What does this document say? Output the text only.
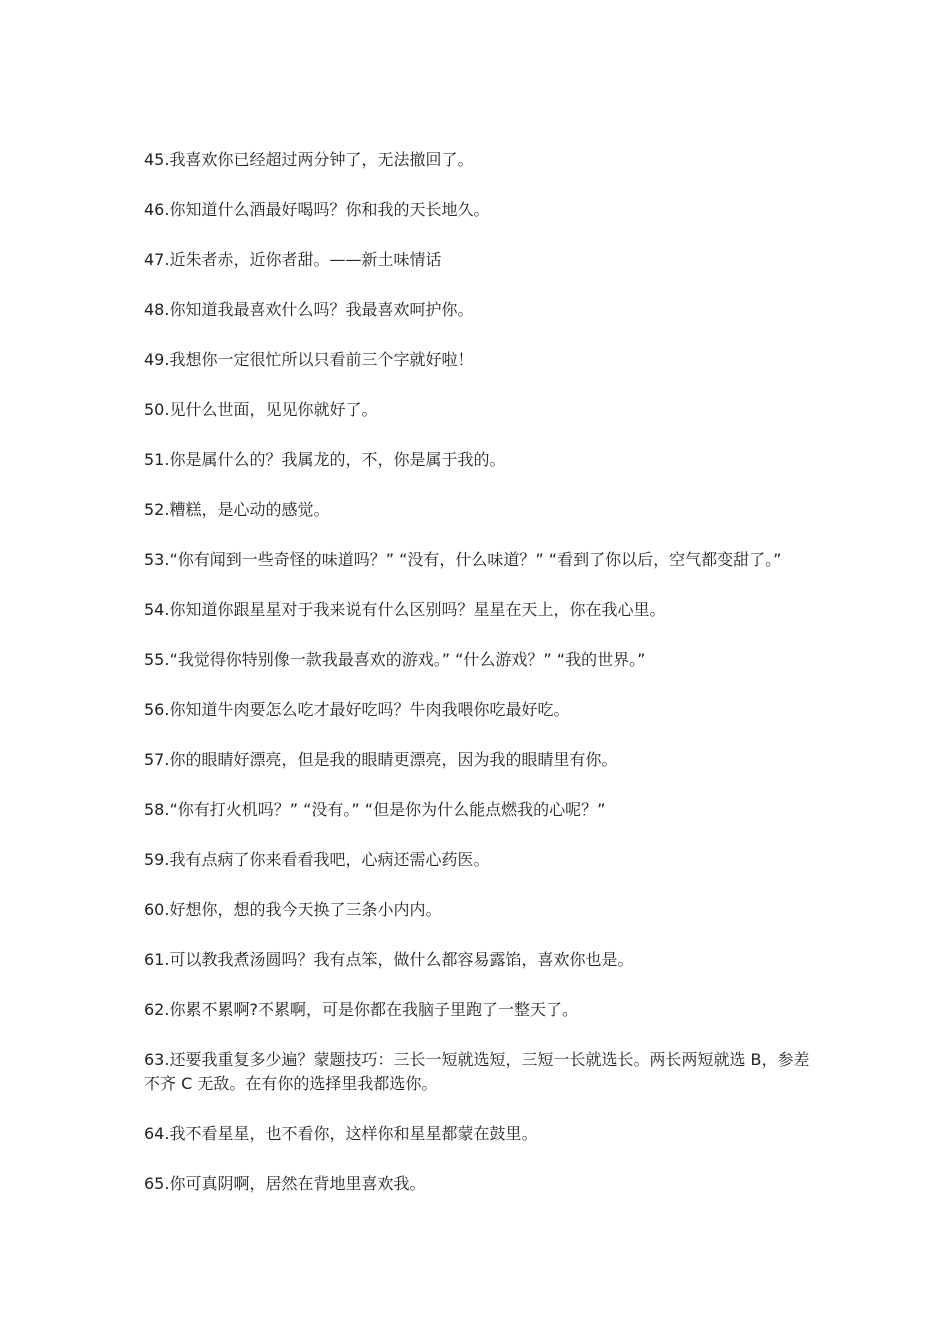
45.我喜欢你已经超过两分钟了，无法撤回了。

46.你知道什么酒最好喝吗？你和我的天长地久。

47.近朱者赤，近你者甜。——新土味情话

48.你知道我最喜欢什么吗？我最喜欢呵护你。

49.我想你一定很忙所以只看前三个字就好啦！

50.见什么世面，见见你就好了。

51.你是属什么的？我属龙的，不，你是属于我的。

52.糟糕，是心动的感觉。

53.“你有闻到一些奇怪的味道吗？” “没有，什么味道？” “看到了你以后，空气都变甜了。”

54.你知道你跟星星对于我来说有什么区别吗？星星在天上，你在我心里。

55.“我觉得你特别像一款我最喜欢的游戏。” “什么游戏？” “我的世界。”

56.你知道牛肉要怎么吃才最好吃吗？牛肉我喂你吃最好吃。

57.你的眼睛好漂亮，但是我的眼睛更漂亮，因为我的眼睛里有你。

58.“你有打火机吗？” “没有。” “但是你为什么能点燃我的心呢？”

59.我有点病了你来看看我吧，心病还需心药医。

60.好想你，想的我今天换了三条小内内。

61.可以教我煮汤圆吗？我有点笨，做什么都容易露馅，喜欢你也是。

62.你累不累啊?不累啊，可是你都在我脑子里跑了一整天了。

63.还要我重复多少遍？蒙题技巧：三长一短就选短，三短一长就选长。两长两短就选 B，参差不齐 C 无敌。在有你的选择里我都选你。

64.我不看星星，也不看你，这样你和星星都蒙在鼓里。

65.你可真阴啊，居然在背地里喜欢我。
